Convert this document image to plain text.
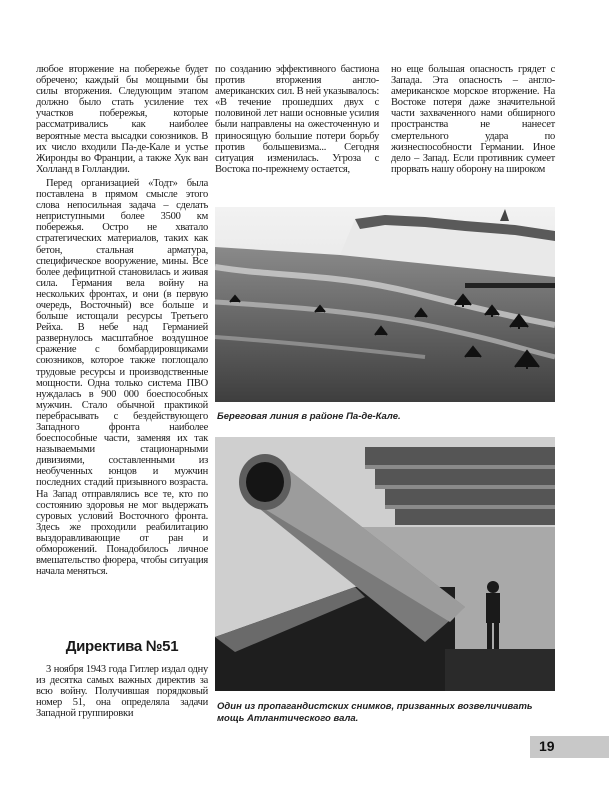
любое вторжение на побережье будет обречено; каждый бы мощными бы силы вторжения. Следующим этапом должно было стать усиление тех участков побережья, которые рассматривались как наиболее вероятные места высадки союзников. В их число входили Па-де-Кале и устье Жиронды во Франции, а также Хук ван Холланд в Голландии.

Перед организацией «Тодт» была поставлена в прямом смысле этого слова непосильная задача – сделать неприступными более 3500 км побережья. Остро не хватало стратегических материалов, таких как бетон, стальная арматура, специфическое вооружение, мины. Все более дефицитной становилась и живая сила. Германия вела войну на нескольких фронтах, и они (в первую очередь, Восточный) все больше и больше истощали ресурсы Третьего Рейха. В небе над Германией развернулось масштабное воздушное сражение с бомбардировщиками союзников, которое также поглощало трудовые ресурсы и производственные мощности. Одна только система ПВО нуждалась в 900 000 боеспособных мужчин. Стало обычной практикой перебрасывать с бездействующего Западного фронта наиболее боеспособные части, заменяя их так называемыми стационарными дивизиями, составленными из необученных юнцов и мужчин последних стадий призывного возраста. На Запад отправлялись все те, кто по состоянию здоровья не мог выдержать суровых условий Восточного фронта. Здесь же проходили реабилитацию выздоравливающие от ран и обморожений. Понадобилось личное вмешательство фюрера, чтобы ситуация начала меняться.

Директива №51

3 ноября 1943 года Гитлер издал одну из десятка самых важных директив за всю войну. Получившая порядковый номер 51, она определяла задачи Западной группировки

по созданию эффективного бастиона против вторжения англо-американских сил. В ней указывалось: «В течение прошедших двух с половиной лет наши основные усилия были направлены на ожесточенную и приносящую большие потери борьбу против большевизма... Сегодня ситуация изменилась. Угроза с Востока по-прежнему остается,

но еще большая опасность грядет с Запада. Эта опасность – англо-американское морское вторжение. На Востоке потеря даже значительной части захваченного нами обширного пространства не нанесет смертельного удара по жизнеспособности Германии. Иное дело – Запад. Если противник сумеет прорвать нашу оборону на широком

Береговая линия в районе Па-де-Кале.
Один из пропагандистских снимков, призванных возвеличивать мощь Атлантического вала.
19
